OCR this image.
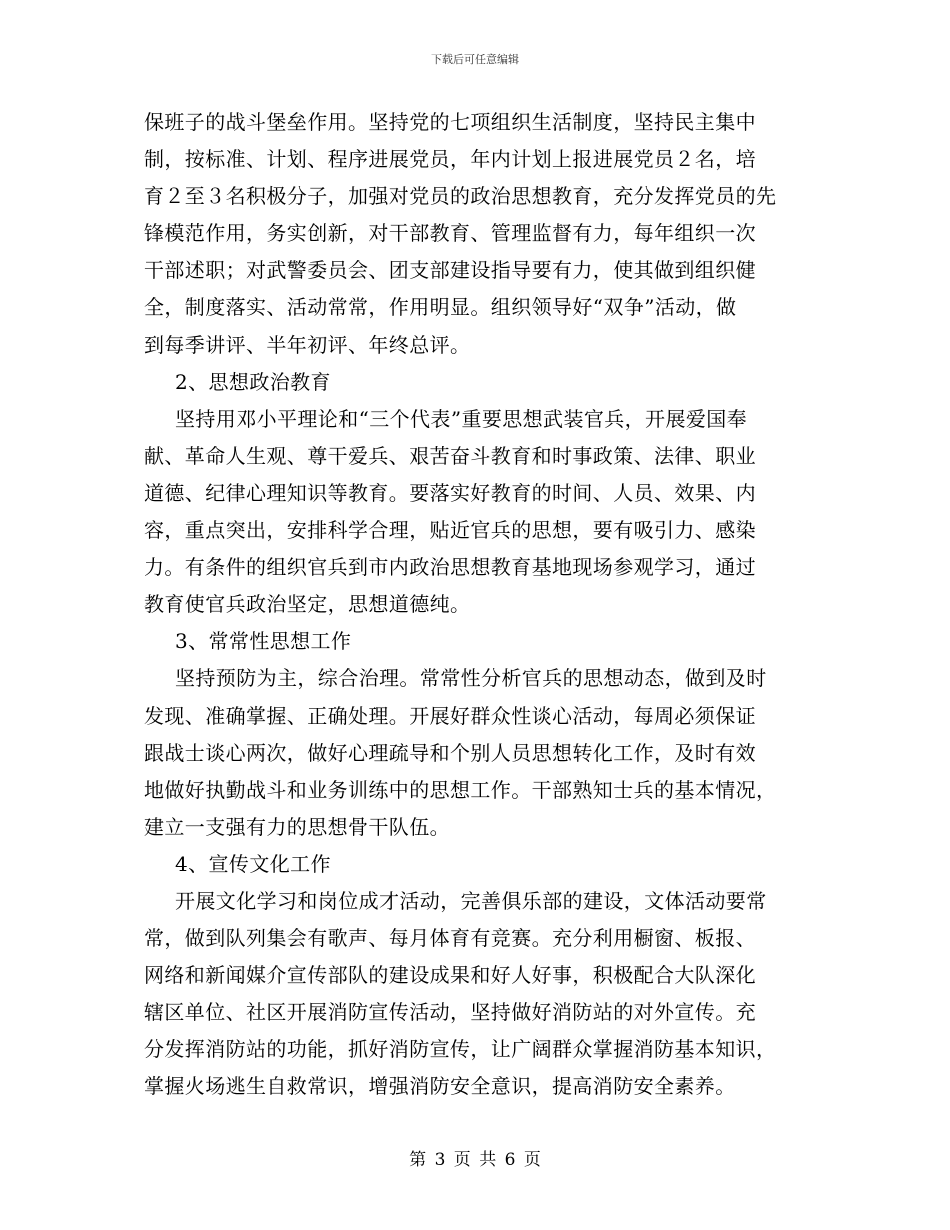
下载后可任意编辑
保班子的战斗堡垒作用。坚持党的七项组织生活制度，坚持民主集中
制，按标准、计划、程序进展党员，年内计划上报进展党员２名，培
育２至３名积极分子，加强对党员的政治思想教育，充分发挥党员的先
锋模范作用，务实创新，对干部教育、管理监督有力，每年组织一次
干部述职；对武警委员会、团支部建设指导要有力，使其做到组织健
全，制度落实、活动常常，作用明显。组织领导好“双争”活动，做
到每季讲评、半年初评、年终总评。
2、思想政治教育
坚持用邓小平理论和“三个代表”重要思想武装官兵，开展爱国奉
献、革命人生观、尊干爱兵、艰苦奋斗教育和时事政策、法律、职业
道德、纪律心理知识等教育。要落实好教育的时间、人员、效果、内
容，重点突出，安排科学合理，贴近官兵的思想，要有吸引力、感染
力。有条件的组织官兵到市内政治思想教育基地现场参观学习，通过
教育使官兵政治坚定，思想道德纯。
3、常常性思想工作
坚持预防为主，综合治理。常常性分析官兵的思想动态，做到及时
发现、准确掌握、正确处理。开展好群众性谈心活动，每周必须保证
跟战士谈心两次，做好心理疏导和个别人员思想转化工作，及时有效
地做好执勤战斗和业务训练中的思想工作。干部熟知士兵的基本情况，
建立一支强有力的思想骨干队伍。
4、宣传文化工作
开展文化学习和岗位成才活动，完善俱乐部的建设，文体活动要常
常，做到队列集会有歌声、每月体育有竞赛。充分利用橱窗、板报、
网络和新闻媒介宣传部队的建设成果和好人好事，积极配合大队深化
辖区单位、社区开展消防宣传活动，坚持做好消防站的对外宣传。充
分发挥消防站的功能，抓好消防宣传，让广阔群众掌握消防基本知识，
掌握火场逃生自救常识，增强消防安全意识，提高消防安全素养。
第 3 页 共 6 页
